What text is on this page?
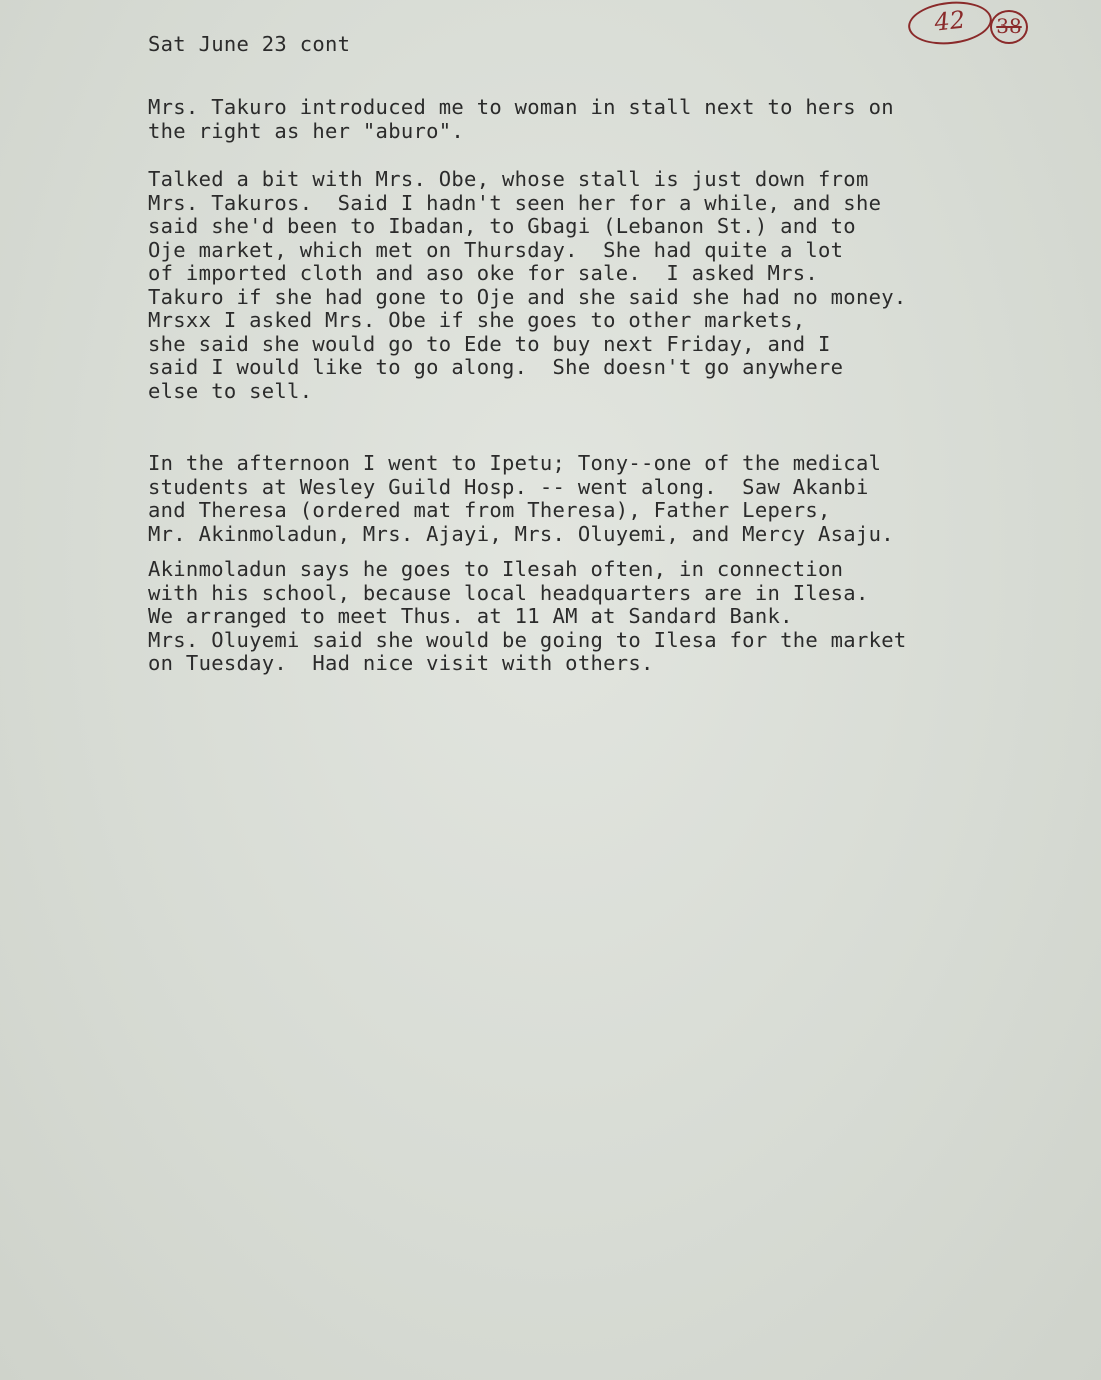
42	38

Sat June 23 cont

Mrs. Takuro introduced me to woman in stall next to hers on
the right as her "aburo".

Talked a bit with Mrs. Obe, whose stall is just down from
Mrs. Takuros.  Said I hadn't seen her for a while, and she
said she'd been to Ibadan, to Gbagi (Lebanon St.) and to
Oje market, which met on Thursday.  She had quite a lot
of imported cloth and aso oke for sale.  I asked Mrs.
Takuro if she had gone to Oje and she said she had no money.
Mrsxx I asked Mrs. Obe if she goes to other markets,
she said she would go to Ede to buy next Friday, and I
said I would like to go along.  She doesn't go anywhere
else to sell.

In the afternoon I went to Ipetu; Tony--one of the medical
students at Wesley Guild Hosp. -- went along.  Saw Akanbi
and Theresa (ordered mat from Theresa), Father Lepers,
Mr. Akinmoladun, Mrs. Ajayi, Mrs. Oluyemi, and Mercy Asaju.

Akinmoladun says he goes to Ilesah often, in connection
with his school, because local headquarters are in Ilesa.
We arranged to meet Thus. at 11 AM at Sandard Bank.
Mrs. Oluyemi said she would be going to Ilesa for the market
on Tuesday.  Had nice visit with others.
